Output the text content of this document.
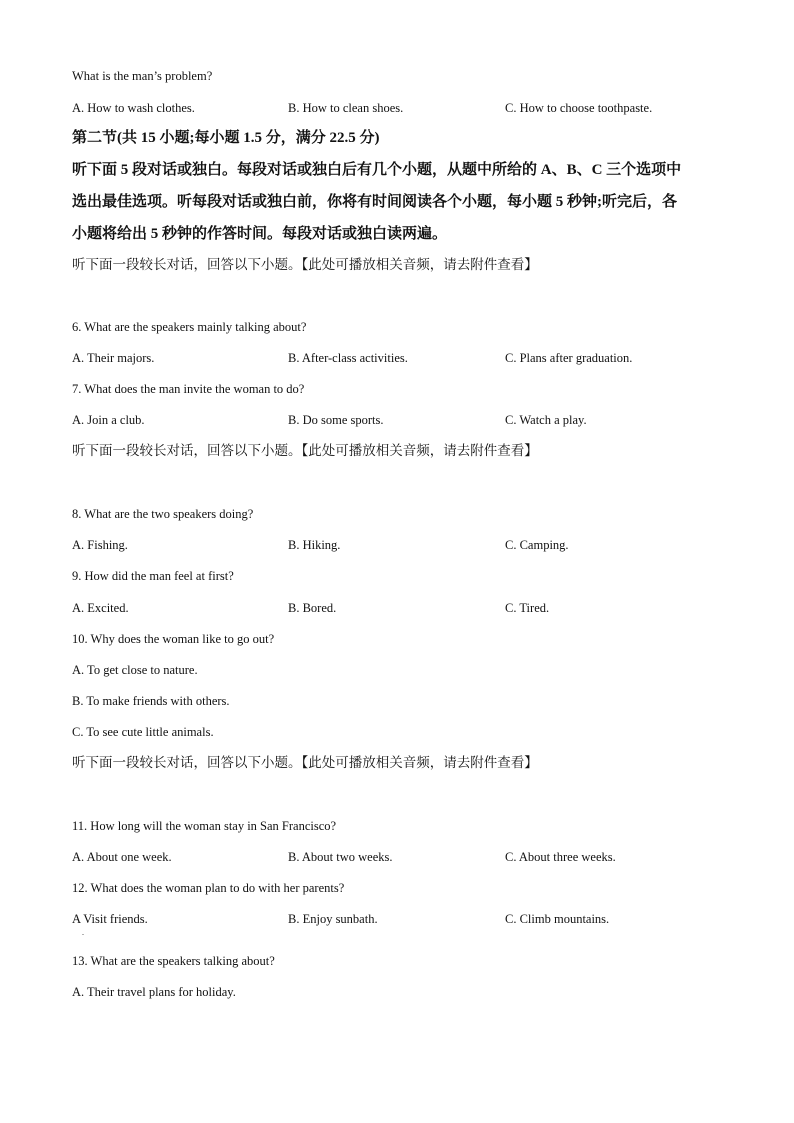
What is the man’s problem?
A. How to wash clothes.	B. How to clean shoes.	C. How to choose toothpaste.
第二节(共 15 小题;每小题 1.5 分，满分 22.5 分)
听下面 5 段对话或独白。每段对话或独白后有几个小题，从题中所给的 A、B、C 三个选项中
选出最佳选项。听每段对话或独白前，你将有时间阅读各个小题，每小题 5 秒钟;听完后，各
小题将给出 5 秒钟的作答时间。每段对话或独白读两遍。
听下面一段较长对话，回答以下小题。【此处可播放相关音频，请去附件查看】
6. What are the speakers mainly talking about?
A. Their majors.	B. After-class activities.	C. Plans after graduation.
7. What does the man invite the woman to do?
A. Join a club.	B. Do some sports.	C. Watch a play.
听下面一段较长对话，回答以下小题。【此处可播放相关音频，请去附件查看】
8. What are the two speakers doing?
A. Fishing.	B. Hiking.	C. Camping.
9. How did the man feel at first?
A. Excited.	B. Bored.	C. Tired.
10. Why does the woman like to go out?
A. To get close to nature.
B. To make friends with others.
C. To see cute little animals.
听下面一段较长对话，回答以下小题。【此处可播放相关音频，请去附件查看】
11. How long will the woman stay in San Francisco?
A. About one week.	B. About two weeks.	C. About three weeks.
12. What does the woman plan to do with her parents?
A Visit friends.
.
B. Enjoy sunbath.	C. Climb mountains.
13. What are the speakers talking about?
A. Their travel plans for holiday.
